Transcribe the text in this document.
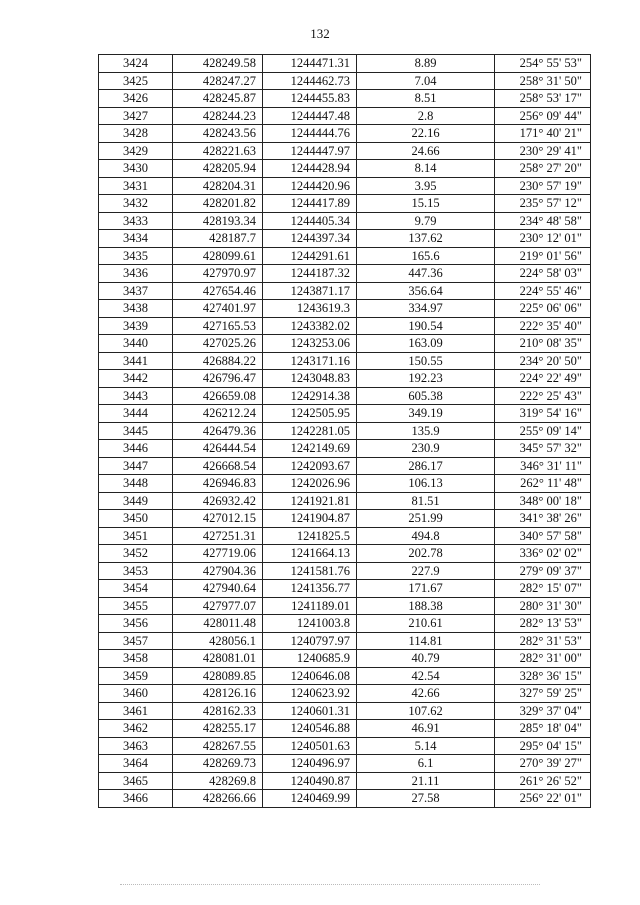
132
3424	428249.58	1244471.31	8.89	254° 55' 53"
3425	428247.27	1244462.73	7.04	258° 31' 50"
3426	428245.87	1244455.83	8.51	258° 53' 17"
3427	428244.23	1244447.48	2.8	256° 09' 44"
3428	428243.56	1244444.76	22.16	171° 40' 21"
3429	428221.63	1244447.97	24.66	230° 29' 41"
3430	428205.94	1244428.94	8.14	258° 27' 20"
3431	428204.31	1244420.96	3.95	230° 57' 19"
3432	428201.82	1244417.89	15.15	235° 57' 12"
3433	428193.34	1244405.34	9.79	234° 48' 58"
3434	428187.7	1244397.34	137.62	230° 12' 01"
3435	428099.61	1244291.61	165.6	219° 01' 56"
3436	427970.97	1244187.32	447.36	224° 58' 03"
3437	427654.46	1243871.17	356.64	224° 55' 46"
3438	427401.97	1243619.3	334.97	225° 06' 06"
3439	427165.53	1243382.02	190.54	222° 35' 40"
3440	427025.26	1243253.06	163.09	210° 08' 35"
3441	426884.22	1243171.16	150.55	234° 20' 50"
3442	426796.47	1243048.83	192.23	224° 22' 49"
3443	426659.08	1242914.38	605.38	222° 25' 43"
3444	426212.24	1242505.95	349.19	319° 54' 16"
3445	426479.36	1242281.05	135.9	255° 09' 14"
3446	426444.54	1242149.69	230.9	345° 57' 32"
3447	426668.54	1242093.67	286.17	346° 31' 11"
3448	426946.83	1242026.96	106.13	262° 11' 48"
3449	426932.42	1241921.81	81.51	348° 00' 18"
3450	427012.15	1241904.87	251.99	341° 38' 26"
3451	427251.31	1241825.5	494.8	340° 57' 58"
3452	427719.06	1241664.13	202.78	336° 02' 02"
3453	427904.36	1241581.76	227.9	279° 09' 37"
3454	427940.64	1241356.77	171.67	282° 15' 07"
3455	427977.07	1241189.01	188.38	280° 31' 30"
3456	428011.48	1241003.8	210.61	282° 13' 53"
3457	428056.1	1240797.97	114.81	282° 31' 53"
3458	428081.01	1240685.9	40.79	282° 31' 00"
3459	428089.85	1240646.08	42.54	328° 36' 15"
3460	428126.16	1240623.92	42.66	327° 59' 25"
3461	428162.33	1240601.31	107.62	329° 37' 04"
3462	428255.17	1240546.88	46.91	285° 18' 04"
3463	428267.55	1240501.63	5.14	295° 04' 15"
3464	428269.73	1240496.97	6.1	270° 39' 27"
3465	428269.8	1240490.87	21.11	261° 26' 52"
3466	428266.66	1240469.99	27.58	256° 22' 01"
